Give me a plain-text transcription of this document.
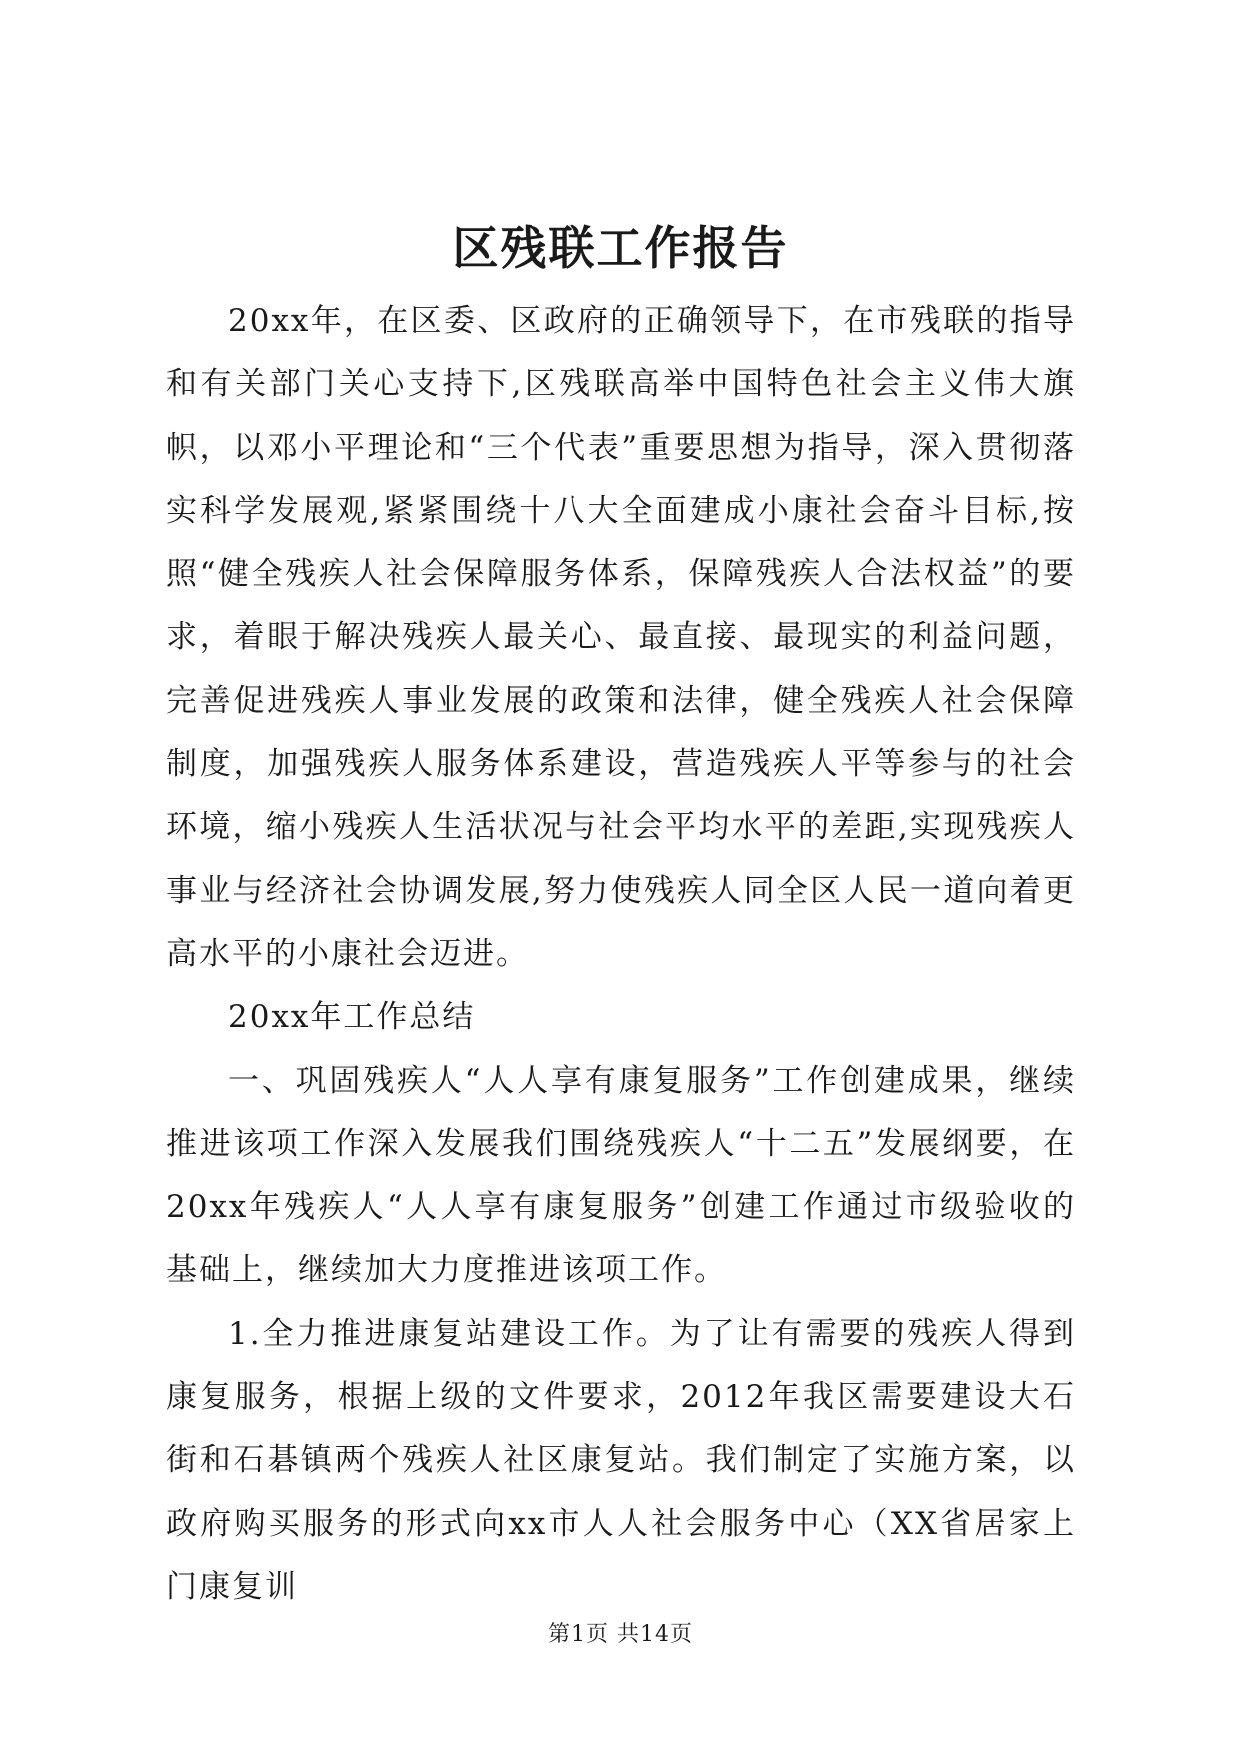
区残联工作报告

20xx年，在区委、区政府的正确领导下，在市残联的指导和有关部门关心支持下,区残联高举中国特色社会主义伟大旗帜，以邓小平理论和“三个代表”重要思想为指导，深入贯彻落实科学发展观,紧紧围绕十八大全面建成小康社会奋斗目标,按照“健全残疾人社会保障服务体系，保障残疾人合法权益”的要求，着眼于解决残疾人最关心、最直接、最现实的利益问题，完善促进残疾人事业发展的政策和法律，健全残疾人社会保障制度，加强残疾人服务体系建设，营造残疾人平等参与的社会环境，缩小残疾人生活状况与社会平均水平的差距,实现残疾人事业与经济社会协调发展,努力使残疾人同全区人民一道向着更高水平的小康社会迈进。

20xx年工作总结

一、巩固残疾人“人人享有康复服务”工作创建成果，继续推进该项工作深入发展我们围绕残疾人“十二五”发展纲要，在20xx年残疾人“人人享有康复服务”创建工作通过市级验收的基础上，继续加大力度推进该项工作。

1.全力推进康复站建设工作。为了让有需要的残疾人得到康复服务，根据上级的文件要求，2012年我区需要建设大石街和石碁镇两个残疾人社区康复站。我们制定了实施方案，以政府购买服务的形式向xx市人人社会服务中心（XX省居家上门康复训

第1页 共14页
